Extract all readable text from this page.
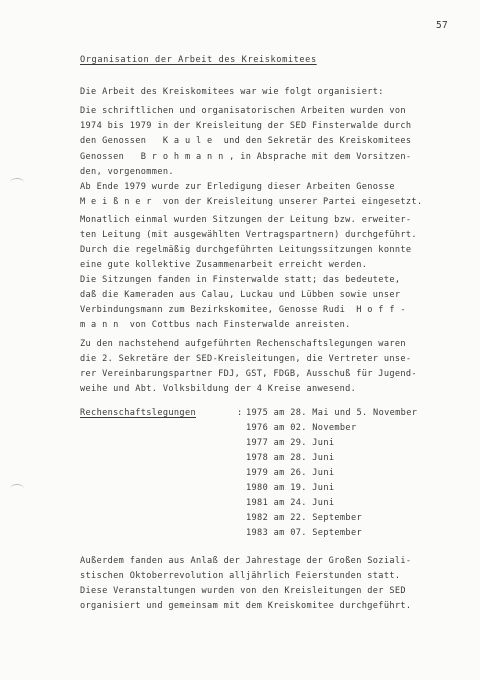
57
Organisation der Arbeit des Kreiskomitees
Die Arbeit des Kreiskomitees war wie folgt organisiert:
Die schriftlichen und organisatorischen Arbeiten wurden von
1974 bis 1979 in der Kreisleitung der SED Finsterwalde durch
den Genossen   K a u l e  und den Sekretär des Kreiskomitees
Genossen   B r o h m a n n , in Absprache mit dem Vorsitzen-
den, vorgenommen.
Ab Ende 1979 wurde zur Erledigung dieser Arbeiten Genosse
M e i ß n e r  von der Kreisleitung unserer Partei eingesetzt.
Monatlich einmal wurden Sitzungen der Leitung bzw. erweiter-
ten Leitung (mit ausgewählten Vertragspartnern) durchgeführt.
Durch die regelmäßig durchgeführten Leitungssitzungen konnte
eine gute kollektive Zusammenarbeit erreicht werden.
Die Sitzungen fanden in Finsterwalde statt; das bedeutete,
daß die Kameraden aus Calau, Luckau und Lübben sowie unser
Verbindungsmann zum Bezirkskomitee, Genosse Rudi  H o f f -
m a n n  von Cottbus nach Finsterwalde anreisten.
Zu den nachstehend aufgeführten Rechenschaftslegungen waren
die 2. Sekretäre der SED-Kreisleitungen, die Vertreter unse-
rer Vereinbarungspartner FDJ, GST, FDGB, Ausschuß für Jugend-
weihe und Abt. Volksbildung der 4 Kreise anwesend.
Rechenschaftslegungen	: 1975 am 28. Mai und 5. November
1976 am 02. November
1977 am 29. Juni
1978 am 28. Juni
1979 am 26. Juni
1980 am 19. Juni
1981 am 24. Juni
1982 am 22. September
1983 am 07. September
Außerdem fanden aus Anlaß der Jahrestage der Großen Soziali-
stischen Oktoberrevolution alljährlich Feierstunden statt.
Diese Veranstaltungen wurden von den Kreisleitungen der SED
organisiert und gemeinsam mit dem Kreiskomitee durchgeführt.
